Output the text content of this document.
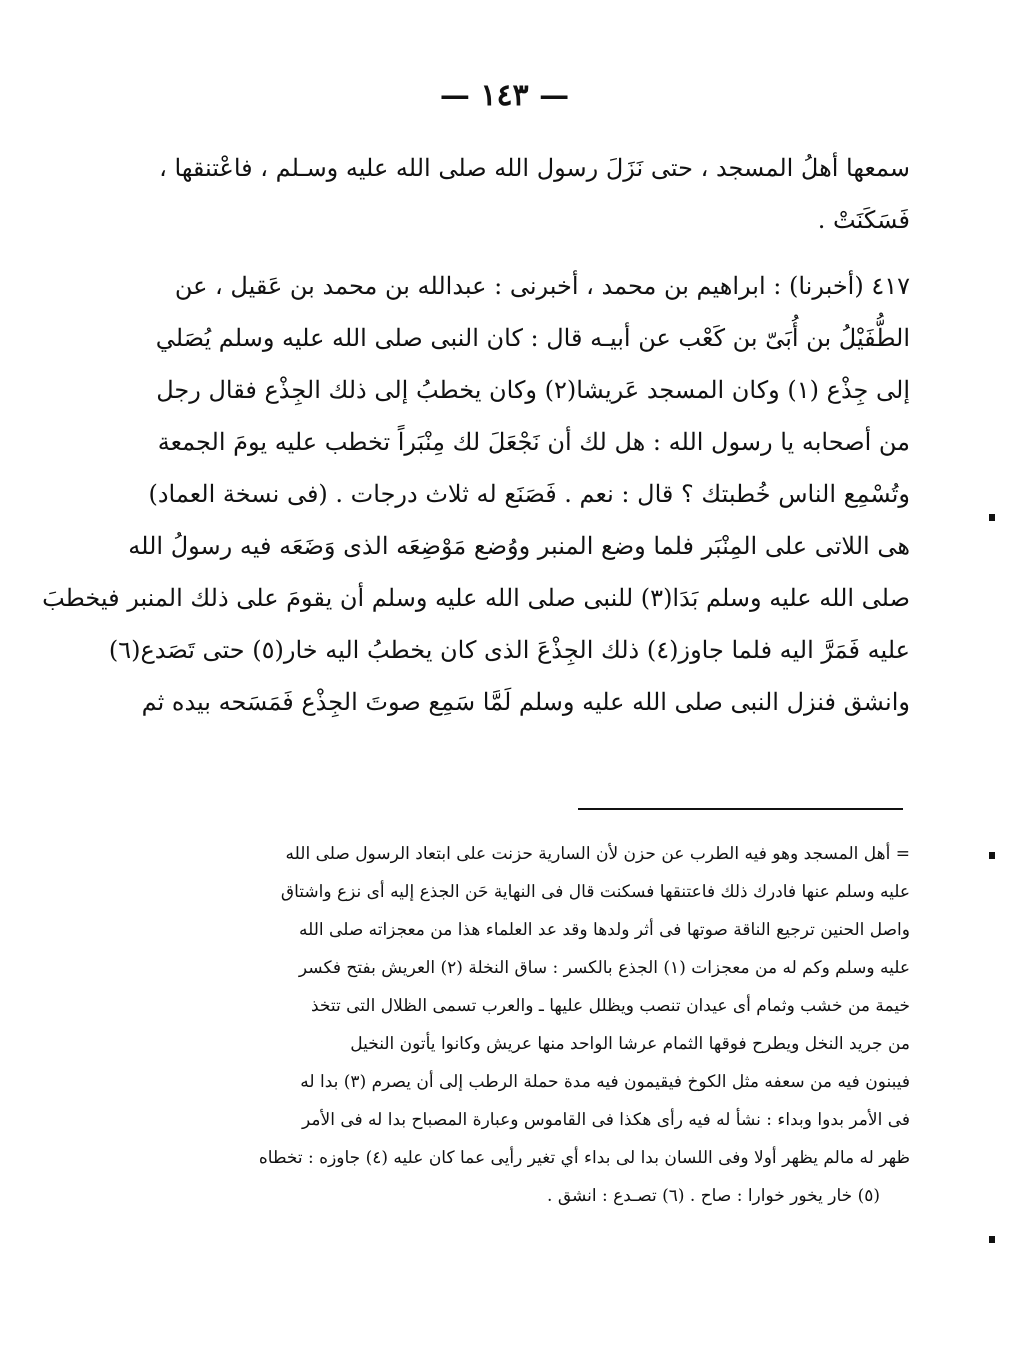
— ١٤٣ —
سمعها أهلُ المسجد ، حتى نَزَلَ رسول الله صلى الله عليه وسـلم ، فاعْتنقها ،
فَسَكَنَتْ .
٤١٧ (أخبرنا) : ابراهيم بن محمد ، أخبرنى : عبدالله بن محمد بن عَقيل ، عن
الطُّفَيْلُ بن أُبَىّ بن كَعْب عن أبيـه قال : كان النبى صلى الله عليه وسلم يُصَلي
إلى جِذْع (١) وكان المسجد عَريشا(٢) وكان يخطبُ إلى ذلك الجِذْع فقال رجل
من أصحابه يا رسول الله : هل لك أن نَجْعَلَ لك مِنْبَراً تخطب عليه يومَ الجمعة
وتُسْمِع الناس خُطبتك ؟ قال : نعم . فَصَنَع له ثلاث درجات . (فى نسخة العماد)
هى اللاتى على المِنْبَر فلما وضع المنبر ووُضع مَوْضِعَه الذى وَضَعَه فيه رسولُ الله
صلى الله عليه وسلم بَدَا(٣) للنبى صلى الله عليه وسلم أن يقومَ على ذلك المنبر فيخطبَ
عليه فَمَرَّ اليه فلما جاوز(٤) ذلك الجِذْعَ الذى كان يخطبُ اليه خار(٥) حتى تَصَدع(٦)
وانشق فنزل النبى صلى الله عليه وسلم لَمَّا سَمِع صوتَ الجِذْع فَمَسَحه بيده ثم
= أهل المسجد وهو فيه الطرب عن حزن لأن السارية حزنت على ابتعاد الرسول صلى الله
عليه وسلم عنها فادرك ذلك فاعتنقها فسكنت قال فى النهاية حَن الجذع إليه أى نزع واشتاق
واصل الحنين ترجيع الناقة صوتها فى أثر ولدها وقد عد العلماء هذا من معجزاته صلى الله
عليه وسلم وكم له من معجزات (١) الجذع بالكسر : ساق النخلة (٢) العريش بفتح فكسر
خيمة من خشب وثمام أى عيدان تنصب ويظلل عليها ـ والعرب تسمى الظلال التى تتخذ
من جريد النخل ويطرح فوقها الثمام عرشا الواحد منها عريش وكانوا يأتون النخيل
فيبنون فيه من سعفه مثل الكوخ فيقيمون فيه مدة حملة الرطب إلى أن يصرم (٣) بدا له
فى الأمر بدوا وبداء : نشأ له فيه رأى هكذا فى القاموس وعبارة المصباح بدا له فى الأمر
ظهر له مالم يظهر أولا وفى اللسان بدا لى بداء أي تغير رأيى عما كان عليه (٤) جاوزه : تخطاه
(٥) خار يخور خوارا : صاح . (٦) تصـدع : انشق .
